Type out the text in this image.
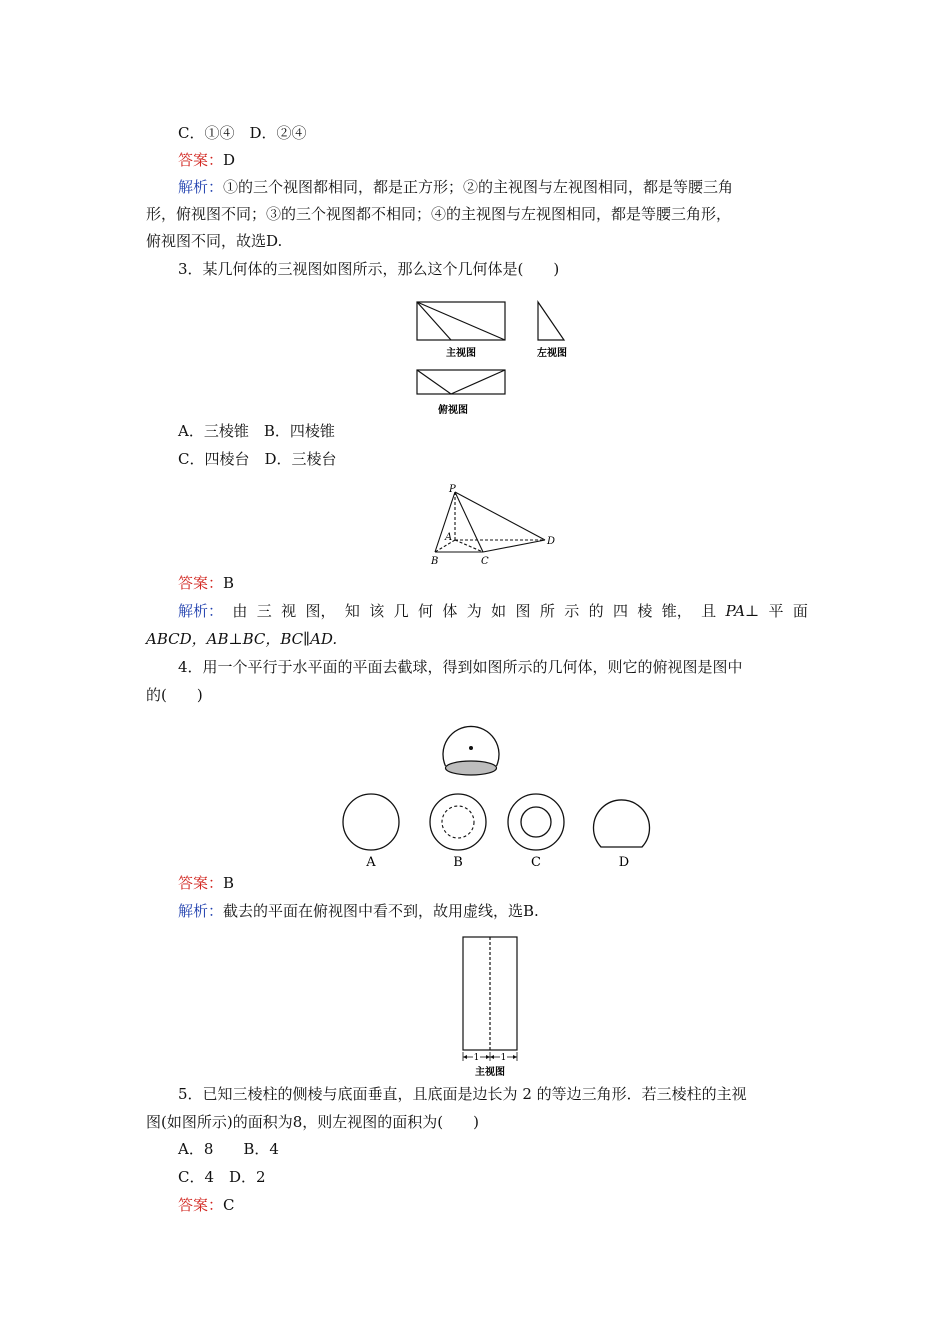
C．①④　D．②④
答案：D
解析：①的三个视图都相同，都是正方形；②的主视图与左视图相同，都是等腰三角
形，俯视图不同；③的三个视图都不相同；④的主视图与左视图相同，都是等腰三角形，
俯视图不同，故选D.
3．某几何体的三视图如图所示，那么这个几何体是(　　)
主视图	左视图
俯视图
A．三棱锥　B．四棱锥
C．四棱台　D．三棱台
P
A
B	C
D
答案：B
解析： 由 三 视 图， 知 该 几 何 体 为 如 图 所 示 的 四 棱 锥， 且 PA⊥ 平 面
ABCD，AB⊥BC，BC∥AD.
4．用一个平行于水平面的平面去截球，得到如图所示的几何体，则它的俯视图是图中
的(　　)
A	B	C	D
答案：B
解析：截去的平面在俯视图中看不到，故用虚线，选B.
1 1
主视图
5．已知三棱柱的侧棱与底面垂直，且底面是边长为 2 的等边三角形．若三棱柱的主视
图(如图所示)的面积为8，则左视图的面积为(　　)
A．8　　B．4
C．4　D．2
答案：C
